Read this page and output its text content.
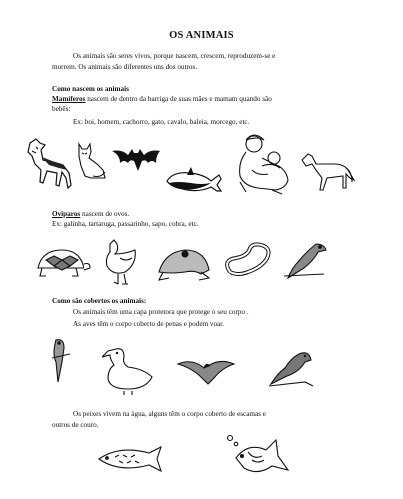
OS ANIMAIS
Os animais são seres vivos, porque nascem, crescem, reproduzem-se e
morrem. Os animais são diferentes uns dos outros.
Como nascem os animais
Mamíferos nascem de dentro da barriga de suas mães e mamam quando são
bebês:
Ex: boi, homem, cachorro, gato, cavalo, baleia, morcego, etc.
Ovíparos nascem de ovos.
Ex: galinha, tartaruga, passarinho, sapo, cobra, etc.
Como são cobertos os animais:
Os animais têm uma capa protetora que protege o seu corpo .
As aves têm o corpo coberto de penas e podem voar.
Os peixes vivem na água, alguns têm o corpo coberto de escamas e
outros de couro.
